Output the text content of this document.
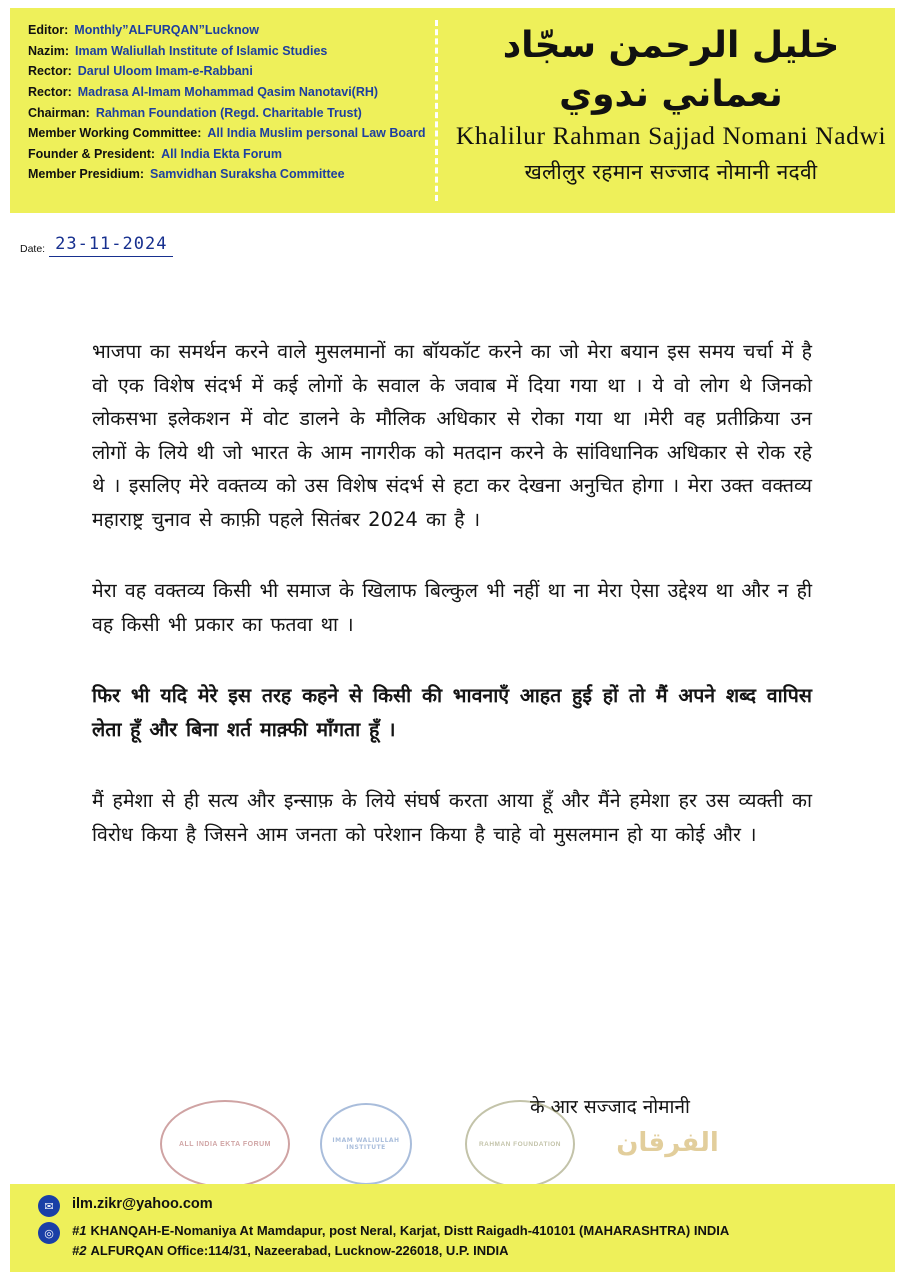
Editor: Monthly”ALFURQAN”Lucknow
Nazim: Imam Waliullah Institute of Islamic Studies
Rector: Darul Uloom Imam-e-Rabbani
Rector: Madrasa Al-Imam Mohammad Qasim Nanotavi(RH)
Chairman: Rahman Foundation (Regd. Charitable Trust)
Member Working Committee: All India Muslim personal Law Board
Founder & President: All India Ekta Forum
Member Presidium: Samvidhan Suraksha Committee
خليل الرحمن سجّاد نعماني ندوي
Khalilur Rahman Sajjad Nomani Nadwi
खलीलुर रहमान सज्जाद नोमानी नदवी
Date: 23-11-2024

भाजपा का समर्थन करने वाले मुसलमानों का बॉयकॉट करने का जो मेरा बयान इस समय चर्चा में है वो एक विशेष संदर्भ में कई लोगों के सवाल के जवाब में दिया गया था । ये वो लोग थे जिनको लोकसभा इलेकशन में वोट डालने के मौलिक अधिकार से रोका गया था ।मेरी वह प्रतीक्रिया उन लोगों के लिये थी जो भारत के आम नागरीक को मतदान करने के सांविधानिक अधिकार से रोक रहे थे । इसलिए मेरे वक्तव्य को उस विशेष संदर्भ से हटा कर देखना अनुचित होगा । मेरा उक्त वक्तव्य महाराष्ट्र चुनाव से काफ़ी पहले सितंबर 2024 का है ।

मेरा वह वक्तव्य किसी भी समाज के खिलाफ बिल्कुल भी नहीं था ना मेरा ऐसा उद्देश्य था और न ही वह किसी भी प्रकार का फतवा था ।

फिर भी यदि मेरे इस तरह कहने से किसी की भावनाएँ आहत हुई हों तो मैं अपने शब्द वापिस लेता हूँ और बिना शर्त माक़्फी माँगता हूँ ।

मैं हमेशा से ही सत्य और इन्साफ़ के लिये संघर्ष करता आया हूँ और मैंने हमेशा हर उस व्यक्ती का विरोध किया है जिसने आम जनता को परेशान किया है चाहे वो मुसलमान हो या कोई और ।

के आर सज्जाद नोमानी
ALL INDIA EKTA FORUM	IMAM WALIULLAH INSTITUTE	RAHMAN FOUNDATION	الفرقان
✉	ilm.zikr@yahoo.com
◎	#1 KHANQAH-E-Nomaniya At Mamdapur, post Neral, Karjat, Distt Raigadh-410101 (MAHARASHTRA) INDIA
#2 ALFURQAN Office:114/31, Nazeerabad, Lucknow-226018, U.P. INDIA
